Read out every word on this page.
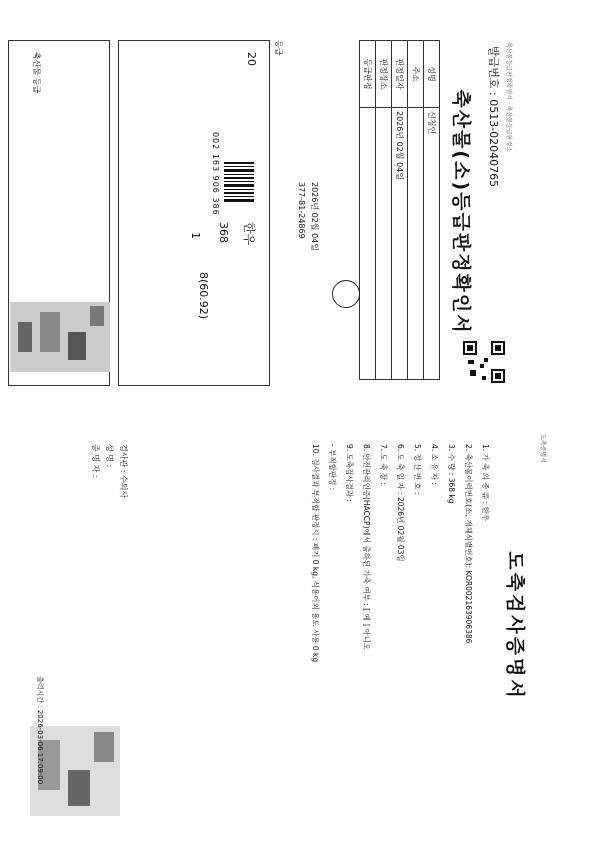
축산물등급판정확인서 · 축산물등급판정소
발급번호 : 0513-02040765
축산물(소)등급판정확인서
성명	신청인
주소	
판정일자	2026년 02월 04일
판정장소	
등급판정	
2026년 02월 04일
377-81-24869
등급
20
002 163 906 386
한우
368
1
8(60.92)
축산물 등급
도축증명서
도축검사증명서
1. 가 축 의 종 류 : 한우
2. 축산물이력번호(소, 개체식별번호): KOR002163906386
3. 수 량 : 368 kg
4. 소 유 자 :
5. 정 산 번 호 :
6. 도 축 일 자 : 2026년 02월 03일
7. 도 축 장 :
8. 안전관리인증(HACCP)에서 출하된 가축 여부 : [ 예 ] 아니오
9. 도축검사결과 :
- 부적합판정 :
10. 검사결과 부적합 판정시 : 폐기 0 kg, 식용이외 용도 사용 0 kg
검사관 : 수의사
성 명 :
증 명 자 :
출력시간 : 2026-03-06 17:09:00
